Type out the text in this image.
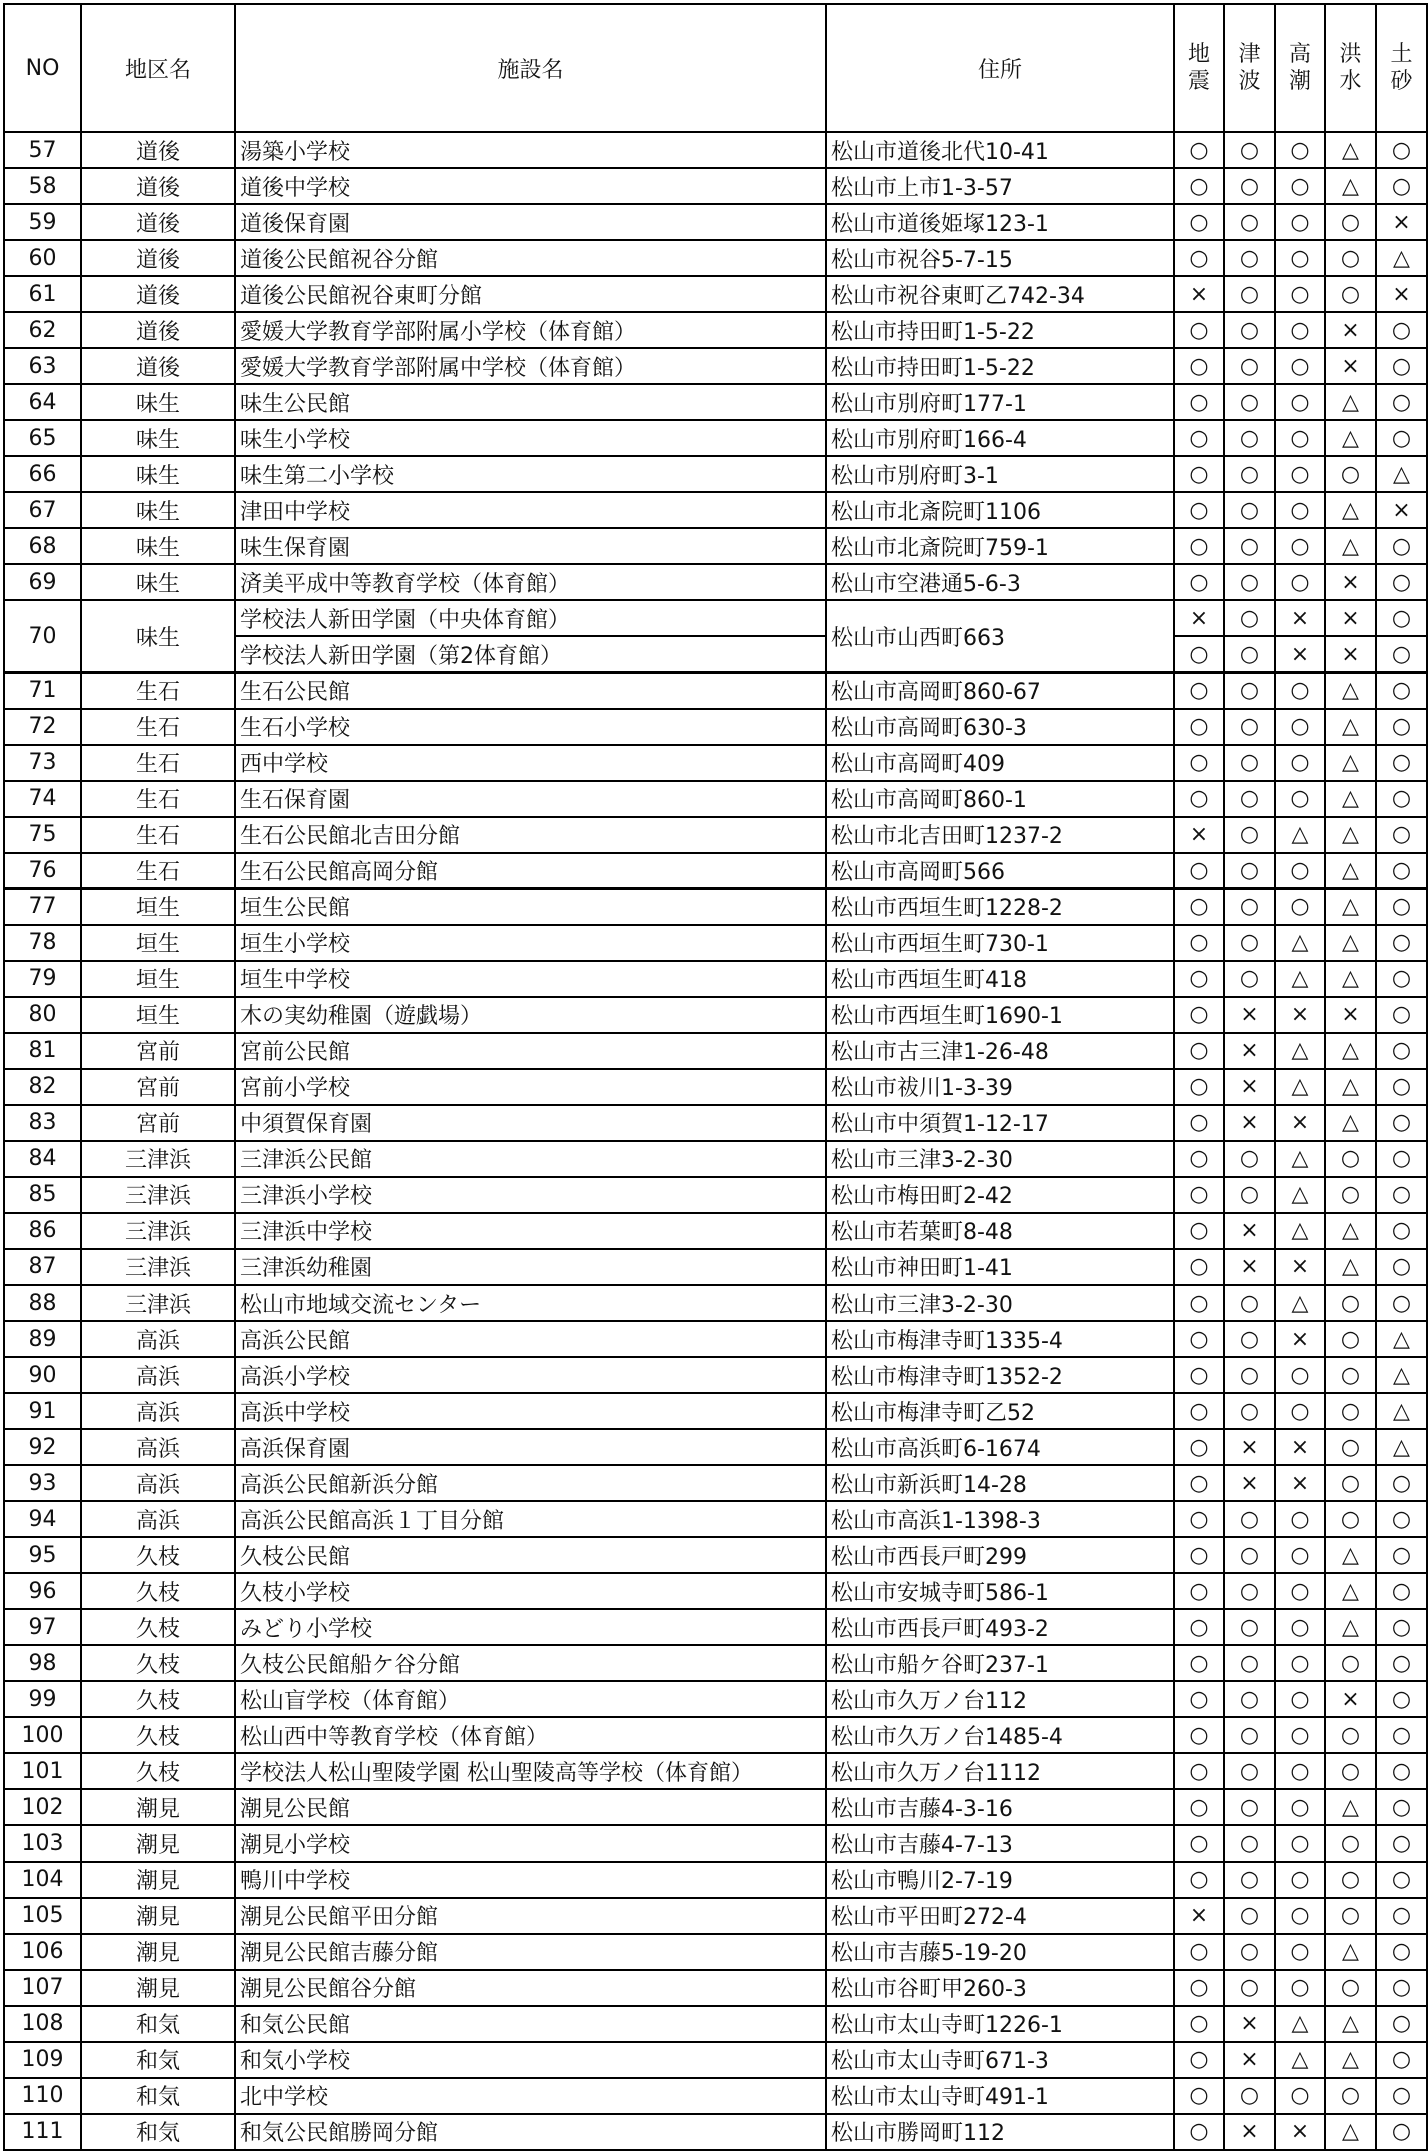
NO	地区名	施設名	住所	地震	津波	高潮	洪水	土砂
57	道後	湯築小学校	松山市道後北代10-41	○	○	○	△	○
58	道後	道後中学校	松山市上市1-3-57	○	○	○	△	○
59	道後	道後保育園	松山市道後姫塚123-1	○	○	○	○	×
60	道後	道後公民館祝谷分館	松山市祝谷5-7-15	○	○	○	○	△
61	道後	道後公民館祝谷東町分館	松山市祝谷東町乙742-34	×	○	○	○	×
62	道後	愛媛大学教育学部附属小学校（体育館）	松山市持田町1-5-22	○	○	○	×	○
63	道後	愛媛大学教育学部附属中学校（体育館）	松山市持田町1-5-22	○	○	○	×	○
64	味生	味生公民館	松山市別府町177-1	○	○	○	△	○
65	味生	味生小学校	松山市別府町166-4	○	○	○	△	○
66	味生	味生第二小学校	松山市別府町3-1	○	○	○	○	△
67	味生	津田中学校	松山市北斎院町1106	○	○	○	△	×
68	味生	味生保育園	松山市北斎院町759-1	○	○	○	△	○
69	味生	済美平成中等教育学校（体育館）	松山市空港通5-6-3	○	○	○	×	○
70	味生	学校法人新田学園（中央体育館）	松山市山西町663	×	○	×	×	○
		学校法人新田学園（第2体育館）		○	○	×	×	○
71	生石	生石公民館	松山市高岡町860-67	○	○	○	△	○
72	生石	生石小学校	松山市高岡町630-3	○	○	○	△	○
73	生石	西中学校	松山市高岡町409	○	○	○	△	○
74	生石	生石保育園	松山市高岡町860-1	○	○	○	△	○
75	生石	生石公民館北吉田分館	松山市北吉田町1237-2	×	○	△	△	○
76	生石	生石公民館高岡分館	松山市高岡町566	○	○	○	△	○
77	垣生	垣生公民館	松山市西垣生町1228-2	○	○	○	△	○
78	垣生	垣生小学校	松山市西垣生町730-1	○	○	△	△	○
79	垣生	垣生中学校	松山市西垣生町418	○	○	△	△	○
80	垣生	木の実幼稚園（遊戯場）	松山市西垣生町1690-1	○	×	×	×	○
81	宮前	宮前公民館	松山市古三津1-26-48	○	×	△	△	○
82	宮前	宮前小学校	松山市祓川1-3-39	○	×	△	△	○
83	宮前	中須賀保育園	松山市中須賀1-12-17	○	×	×	△	○
84	三津浜	三津浜公民館	松山市三津3-2-30	○	○	△	○	○
85	三津浜	三津浜小学校	松山市梅田町2-42	○	○	△	○	○
86	三津浜	三津浜中学校	松山市若葉町8-48	○	×	△	△	○
87	三津浜	三津浜幼稚園	松山市神田町1-41	○	×	×	△	○
88	三津浜	松山市地域交流センター	松山市三津3-2-30	○	○	△	○	○
89	高浜	高浜公民館	松山市梅津寺町1335-4	○	○	×	○	△
90	高浜	高浜小学校	松山市梅津寺町1352-2	○	○	○	○	△
91	高浜	高浜中学校	松山市梅津寺町乙52	○	○	○	○	△
92	高浜	高浜保育園	松山市高浜町6-1674	○	×	×	○	△
93	高浜	高浜公民館新浜分館	松山市新浜町14-28	○	×	×	○	○
94	高浜	高浜公民館高浜１丁目分館	松山市高浜1-1398-3	○	○	○	○	○
95	久枝	久枝公民館	松山市西長戸町299	○	○	○	△	○
96	久枝	久枝小学校	松山市安城寺町586-1	○	○	○	△	○
97	久枝	みどり小学校	松山市西長戸町493-2	○	○	○	△	○
98	久枝	久枝公民館船ケ谷分館	松山市船ケ谷町237-1	○	○	○	○	○
99	久枝	松山盲学校（体育館）	松山市久万ノ台112	○	○	○	×	○
100	久枝	松山西中等教育学校（体育館）	松山市久万ノ台1485-4	○	○	○	○	○
101	久枝	学校法人松山聖陵学園 松山聖陵高等学校（体育館）	松山市久万ノ台1112	○	○	○	○	○
102	潮見	潮見公民館	松山市吉藤4-3-16	○	○	○	△	○
103	潮見	潮見小学校	松山市吉藤4-7-13	○	○	○	○	○
104	潮見	鴨川中学校	松山市鴨川2-7-19	○	○	○	○	○
105	潮見	潮見公民館平田分館	松山市平田町272-4	×	○	○	○	○
106	潮見	潮見公民館吉藤分館	松山市吉藤5-19-20	○	○	○	△	○
107	潮見	潮見公民館谷分館	松山市谷町甲260-3	○	○	○	○	○
108	和気	和気公民館	松山市太山寺町1226-1	○	×	△	△	○
109	和気	和気小学校	松山市太山寺町671-3	○	×	△	△	○
110	和気	北中学校	松山市太山寺町491-1	○	○	○	○	○
111	和気	和気公民館勝岡分館	松山市勝岡町112	○	×	×	△	○
